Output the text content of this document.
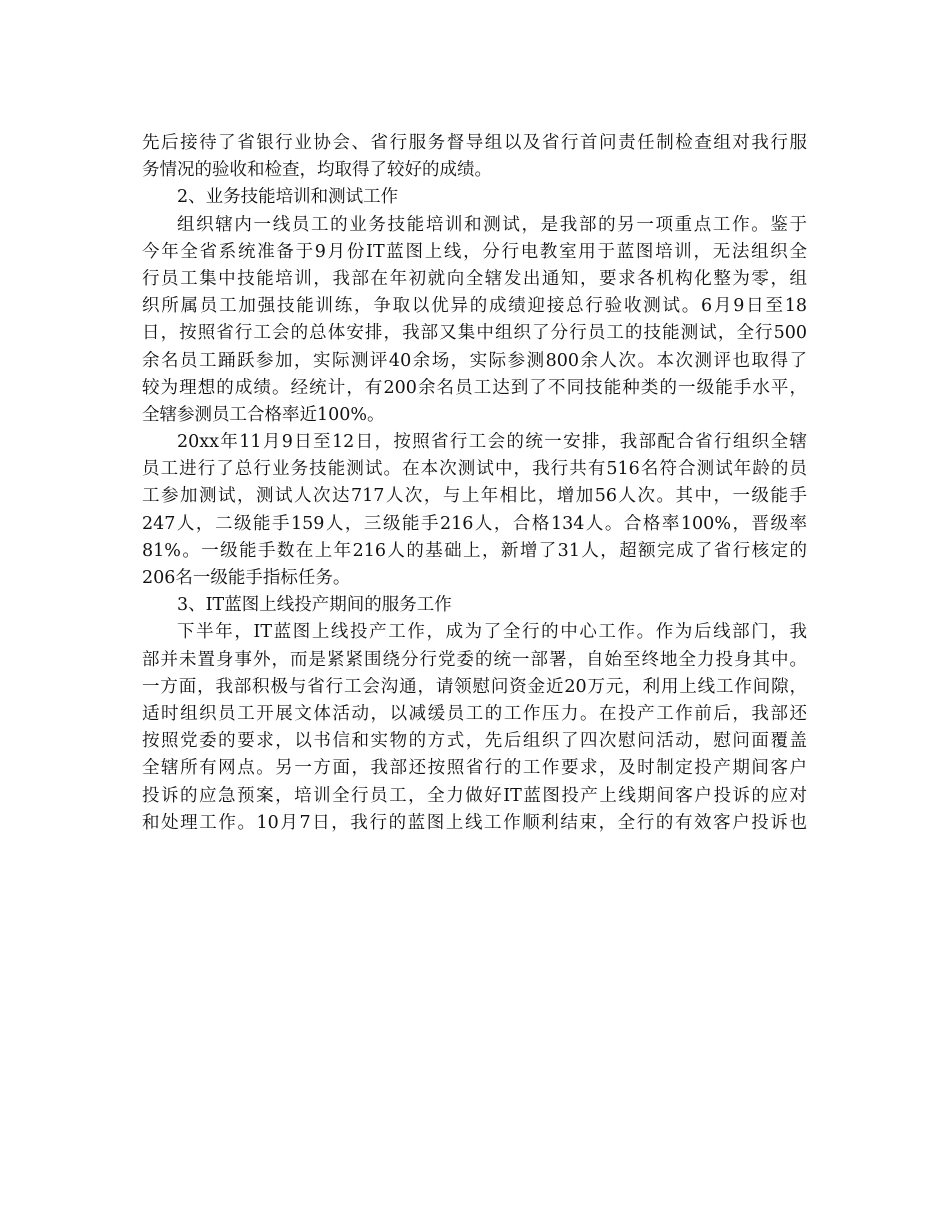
先后接待了省银行业协会、省行服务督导组以及省行首问责任制检查组对我行服
务情况的验收和检查，均取得了较好的成绩。
2、业务技能培训和测试工作
组织辖内一线员工的业务技能培训和测试，是我部的另一项重点工作。鉴于
今年全省系统准备于9月份IT蓝图上线，分行电教室用于蓝图培训，无法组织全
行员工集中技能培训，我部在年初就向全辖发出通知，要求各机构化整为零，组
织所属员工加强技能训练，争取以优异的成绩迎接总行验收测试。6月9日至18
日，按照省行工会的总体安排，我部又集中组织了分行员工的技能测试，全行500
余名员工踊跃参加，实际测评40余场，实际参测800余人次。本次测评也取得了
较为理想的成绩。经统计，有200余名员工达到了不同技能种类的一级能手水平，
全辖参测员工合格率近100%。
20xx年11月9日至12日，按照省行工会的统一安排，我部配合省行组织全辖
员工进行了总行业务技能测试。在本次测试中，我行共有516名符合测试年龄的员
工参加测试，测试人次达717人次，与上年相比，增加56人次。其中，一级能手
247人，二级能手159人，三级能手216人，合格134人。合格率100%，晋级率
81%。一级能手数在上年216人的基础上，新增了31人，超额完成了省行核定的
206名一级能手指标任务。
3、IT蓝图上线投产期间的服务工作
下半年，IT蓝图上线投产工作，成为了全行的中心工作。作为后线部门，我
部并未置身事外，而是紧紧围绕分行党委的统一部署，自始至终地全力投身其中。
一方面，我部积极与省行工会沟通，请领慰问资金近20万元，利用上线工作间隙，
适时组织员工开展文体活动，以减缓员工的工作压力。在投产工作前后，我部还
按照党委的要求，以书信和实物的方式，先后组织了四次慰问活动，慰问面覆盖
全辖所有网点。另一方面，我部还按照省行的工作要求，及时制定投产期间客户
投诉的应急预案，培训全行员工，全力做好IT蓝图投产上线期间客户投诉的应对
和处理工作。10月7日，我行的蓝图上线工作顺利结束，全行的有效客户投诉也
